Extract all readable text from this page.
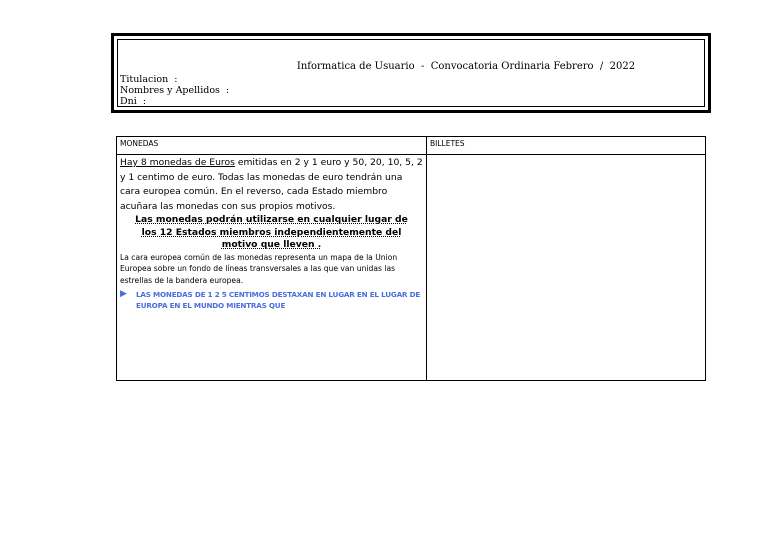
Informatica de Usuario  -  Convocatoria Ordinaria Febrero  /  2022
Titulacion  :
Nombres y Apellidos  :
Dni  :
MONEDAS	BILLETES

Hay 8 monedas de Euros emitidas en 2 y 1 euro y 50, 20, 10, 5, 2 y 1 centimo de euro. Todas las monedas de euro tendrán una cara europea común. En el reverso, cada Estado miembro acuñara las monedas con sus propios motivos.
Las monedas podrán utilizarse en cualquier lugar de los 12 Estados miembros independientemente del motivo que lleven .
La cara europea común de las monedas representa un mapa de la Union Europea sobre un fondo de líneas transversales a las que van unidas las estrellas de la bandera europea.
▶ LAS MONEDAS DE 1 2 5 CENTIMOS DESTAXAN EN LUGAR EN EL LUGAR DE EUROPA EN EL MUNDO MIENTRAS QUE	
